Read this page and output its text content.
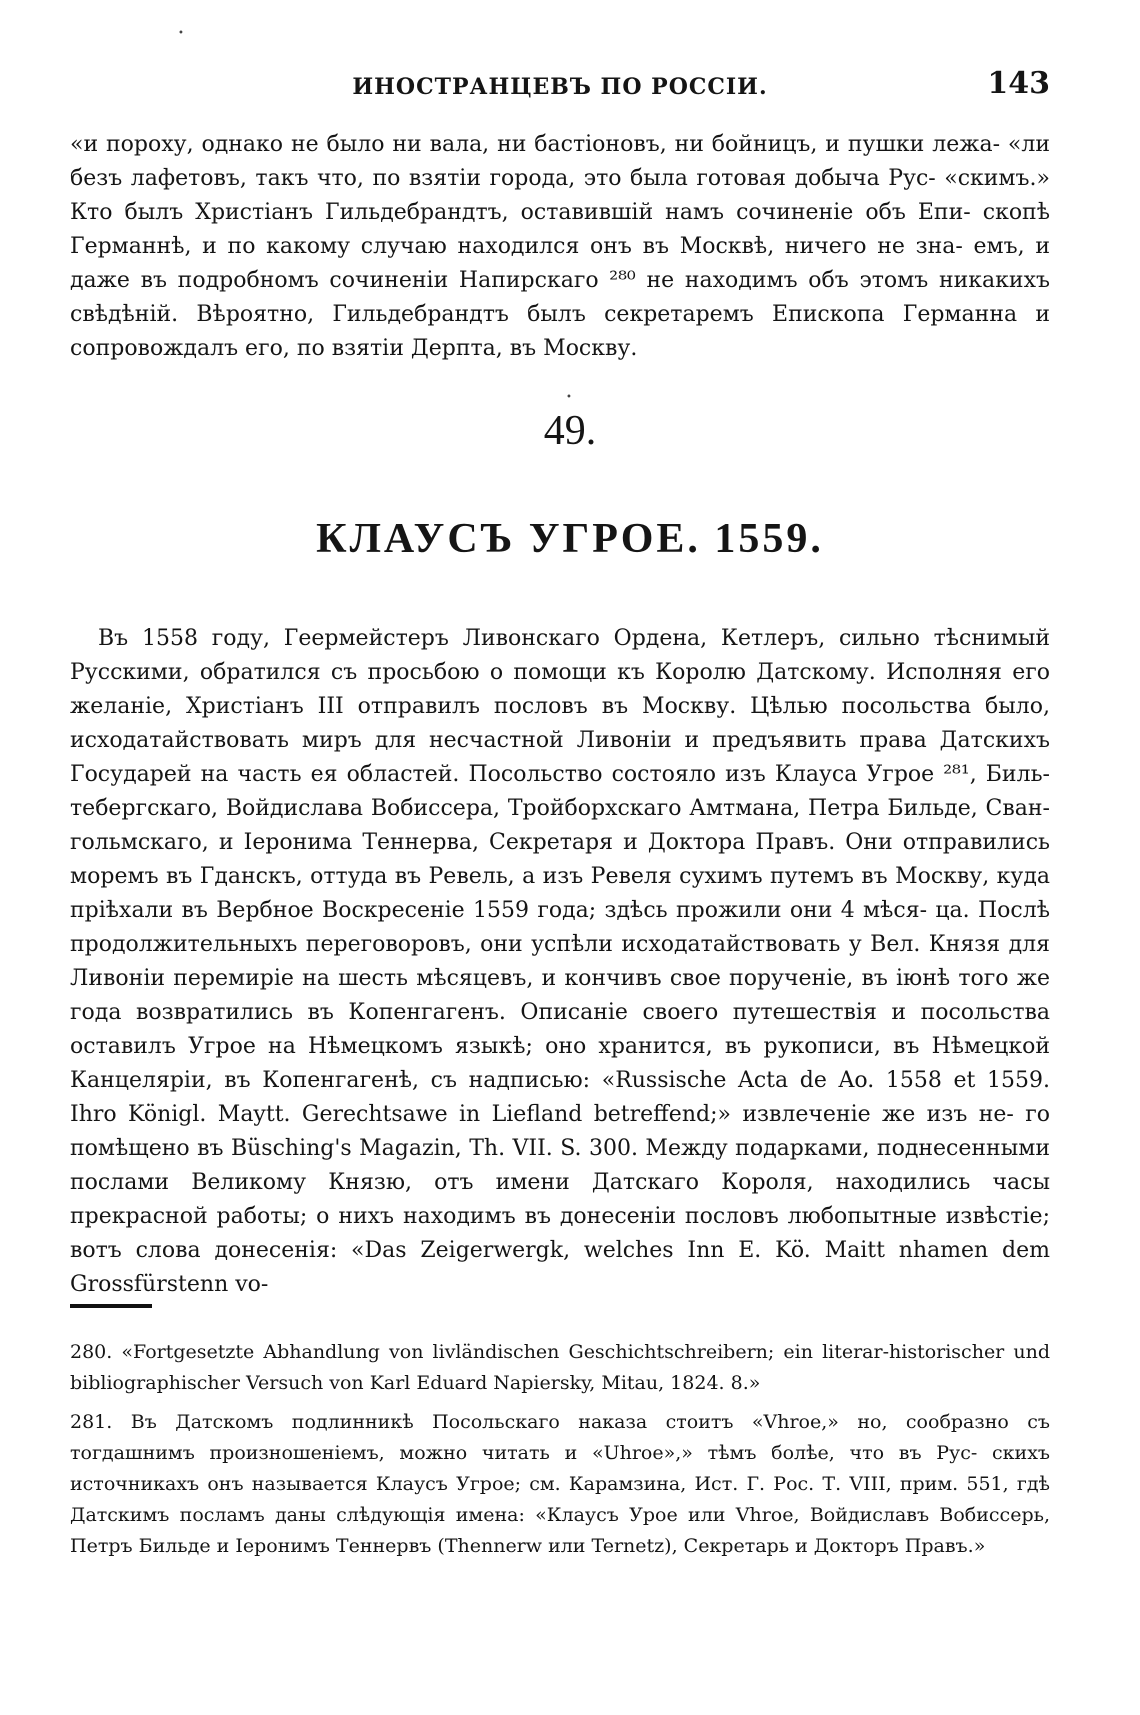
ИНОСТРАНЦЕВЪ ПО РОССIИ.	143

«и пороху, однако не было ни вала, ни бастiоновъ, ни бойницъ, и пушки лежа- «ли безъ лафетовъ, такъ что, по взятiи города, это была готовая добыча Рус- «скимъ.» Кто былъ Христiанъ Гильдебрандтъ, оставившiй намъ сочиненiе объ Епи- скопѣ Германнѣ, и по какому случаю находился онъ въ Москвѣ, ничего не зна- емъ, и даже въ подробномъ сочиненiи Напирскаго ²⁸⁰ не находимъ объ этомъ никакихъ свѣдѣнiй. Вѣроятно, Гильдебрандтъ былъ секретаремъ Епископа Германна и сопровождалъ его, по взятiи Дерпта, въ Москву.

49.
КЛАУСЪ УГРОЕ. 1559.

Въ 1558 году, Геермейстеръ Ливонскаго Ордена, Кетлеръ, сильно тѣснимый Русскими, обратился съ просьбою о помощи къ Королю Датскому. Исполняя его желанiе, Христiанъ III отправилъ пословъ въ Москву. Цѣлью посольства было, исходатайствовать миръ для несчастной Ливонiи и предъявить права Датскихъ Государей на часть ея областей. Посольство состояло изъ Клауса Угрое ²⁸¹, Биль- тебергскаго, Войдислава Вобиссера, Тройборхскаго Амтмана, Петра Бильде, Сван- гольмскаго, и Iеронима Теннерва, Секретаря и Доктора Правъ. Они отправились моремъ въ Гданскъ, оттуда въ Ревель, а изъ Ревеля сухимъ путемъ въ Москву, куда прiѣхали въ Вербное Воскресенiе 1559 года; здѣсь прожили они 4 мѣся- ца. Послѣ продолжительныхъ переговоровъ, они успѣли исходатайствовать у Вел. Князя для Ливонiи перемирiе на шесть мѣсяцевъ, и кончивъ свое порученiе, въ iюнѣ того же года возвратились въ Копенгагенъ. Описанiе своего путешествiя и посольства оставилъ Угрое на Нѣмецкомъ языкѣ; оно хранится, въ рукописи, въ Нѣмецкой Канцелярiи, въ Копенгагенѣ, съ надписью: «Russische Acta de Ao. 1558 et 1559. Ihro Königl. Maytt. Gerechtsawe in Liefland betreffend;» извлеченiе же изъ не- го помѣщено въ Büsching's Magazin, Th. VII. S. 300. Между подарками, поднесенными послами Великому Князю, отъ имени Датскаго Короля, находились часы прекрасной работы; о нихъ находимъ въ донесенiи пословъ любопытные извѣстiе; вотъ слова донесенiя: «Das Zeigerwergk, welches Inn E. Kö. Maitt nhamen dem Grossfürstenn vo-

280. «Fortgesetzte Abhandlung von livländischen Geschichtschreibern; ein literar-historischer und bibliographischer Versuch von Karl Eduard Napiersky, Mitau, 1824. 8.»

281. Въ Датскомъ подлинникѣ Посольскаго наказа стоитъ «Vhroe,» но, сообразно съ тогдашнимъ произношенiемъ, можно читать и «Uhroe»,» тѣмъ болѣе, что въ Рус- скихъ источникахъ онъ называется Клаусъ Угрое; см. Карамзина, Ист. Г. Рос. Т. VIII, прим. 551, гдѣ Датскимъ посламъ даны слѣдующiя имена: «Клаусъ Урое или Vhroe, Войдиславъ Вобиссерь, Петръ Бильде и Iеронимъ Теннервъ (Thennerw или Ternetz), Секретарь и Докторъ Правъ.»

•
•
